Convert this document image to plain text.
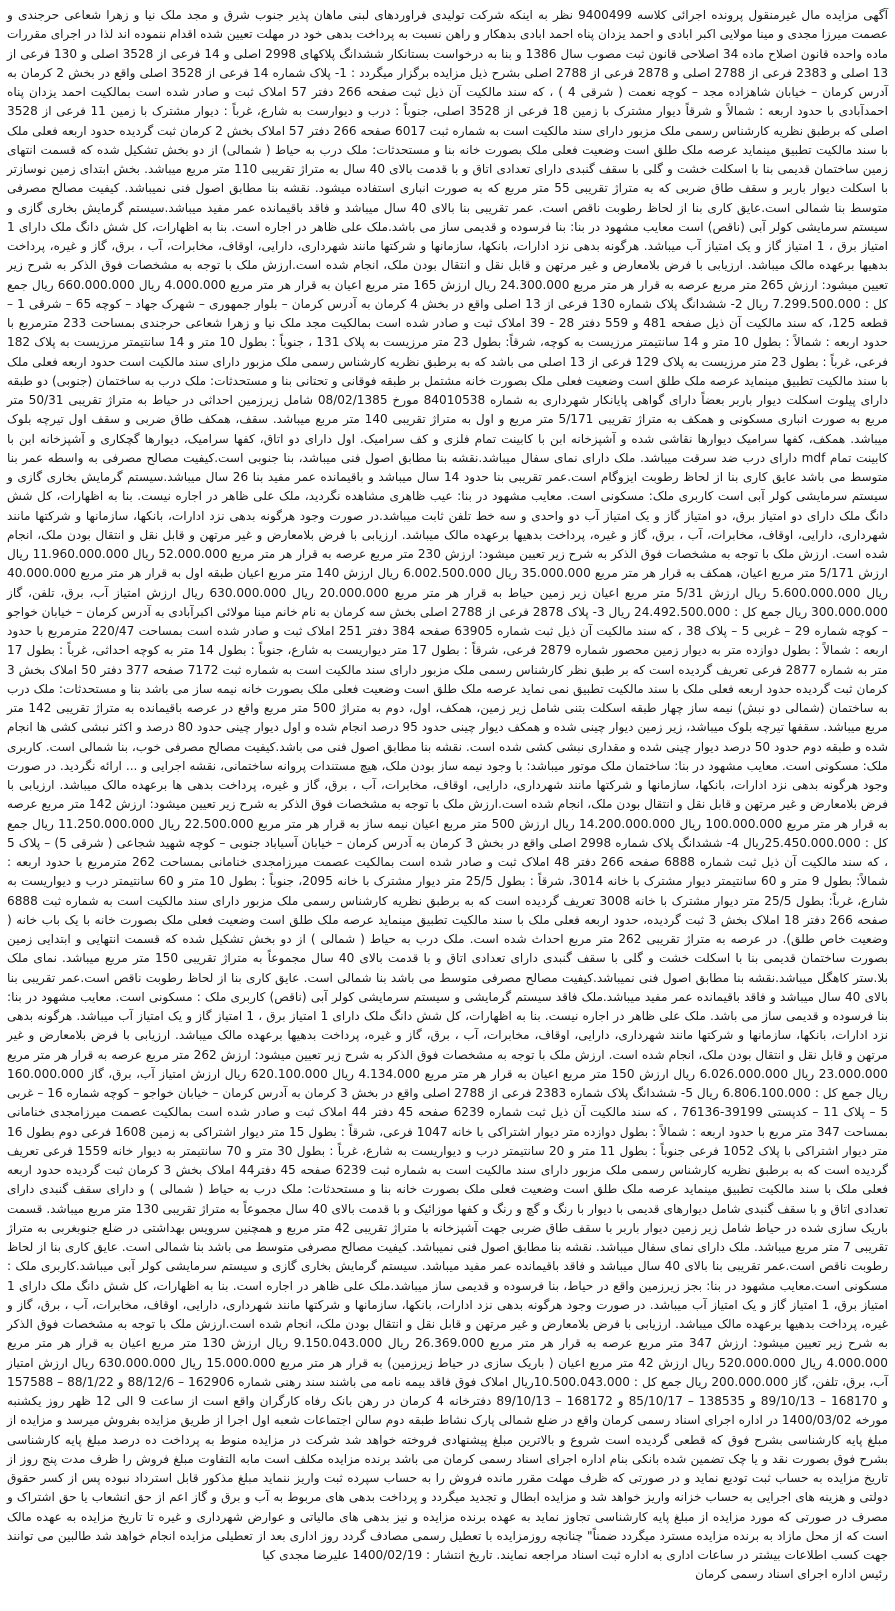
آگهی مزایده مال غیرمنقول پرونده اجرائی کلاسه 9400499 نظر به اینکه شرکت تولیدی فراوردهای لبنی ماهان پذیر جنوب شرق و مجد ملک نیا و زهرا شعاعی حرجندی و عصمت میرزا مجدی و مینا مولایی اکبر ابادی و احمد یزدان پناه احمد ابادی بدهکار و راهن نسبت به پرداخت بدهی خود در مهلت تعیین شده اقدام ننموده اند لذا در اجرای مقررات ماده واحده قانون اصلاح ماده 34 اصلاحی قانون ثبت مصوب سال 1386 و بنا به درخواست بستانکار ششدانگ پلاکهای 2998 اصلی و 14 فرعی از 3528 اصلی و 130 فرعی از 13 اصلی و 2383 فرعی از 2788 اصلی و 2878 فرعی از 2788 اصلی بشرح ذیل مزایده برگزار میگردد : 1- پلاک شماره 14 فرعی از 3528 اصلی واقع در بخش 2 کرمان به آدرس کرمان – خیابان شاهزاده مجد – کوچه نعمت ( شرقی 4 ) ، که سند مالکیت آن ذیل ثبت صفحه 266 دفتر 57 املاک ثبت و صادر شده است بمالکیت احمد یزدان پناه احمدآبادی با حدود اربعه : شمالاً و شرقاً دیوار مشترک با زمین 18 فرعی از 3528 اصلی، جنوباً : درب و دیوارست به شارع، غرباً : دیوار مشترک با زمین 11 فرعی از 3528 اصلی که برطبق نظریه کارشناس رسمی ملک مزبور دارای سند مالکیت است به شماره ثبت 6017 صفحه 266 دفتر 57 املاک بخش 2 کرمان ثبت گردیده حدود اربعه فعلی ملک با سند مالکیت تطبیق مینماید عرصه ملک طلق است وضعیت فعلی ملک بصورت خانه بنا و مستحدثات: ملک درب به حیاط ( شمالی) از دو بخش تشکیل شده که قسمت انتهای زمین ساختمان قدیمی بنا با اسکلت خشت و گلی با سقف گنبدی دارای تعدادی اتاق و با قدمت بالای 40 سال به متراژ تقریبی 110 متر مربع میباشد. بخش ابتدای زمین نوسازتر با اسکلت دیوار باربر و سقف طاق ضربی که به متراژ تقریبی 55 متر مربع که به صورت انباری استفاده میشود. نقشه بنا مطابق اصول فنی نمیباشد. کیفیت مصالح مصرفی متوسط بنا شمالی است.عایق کاری بنا از لحاظ رطوبت ناقص است. عمر تقریبی بنا بالای 40 سال میباشد و فاقد باقیمانده عمر مفید میباشد.سیستم گرمایش بخاری گازی و سیستم سرمایشی کولر آبی (ناقص) است معایب مشهود در بنا: بنا فرسوده و قدیمی ساز می باشد.ملک علی ظاهر در اجاره است. بنا به اظهارات، کل شش دانگ ملک دارای 1 امتیاز برق ، 1 امتیاز گاز و یک امتیاز آب میباشد. هرگونه بدهی نزد ادارات، بانکها، سازمانها و شرکتها مانند شهرداری، دارایی، اوقاف، مخابرات، آب ، برق، گاز و غیره، پرداخت بدهیها برعهده مالک میباشد. ارزیابی با فرض بلامعارض و غیر مرتهن و قابل نقل و انتقال بودن ملک، انجام شده است.ارزش ملک با توجه به مشخصات فوق الذکر به شرح زیر تعیین میشود: ارزش 265 متر مربع عرصه به قرار هر متر مربع 24.300.000 ریال ارزش 165 متر مربع اعیان به قرار هر متر مربع 4.000.000 ریال 660.000.000 ریال جمع کل : 7.299.500.000 ریال 2- ششدانگ پلاک شماره 130 فرعی از 13 اصلی واقع در بخش 4 کرمان به آدرس کرمان – بلوار جمهوری – شهرک جهاد – کوچه 65 – شرقی 1 – قطعه 125، که سند مالکیت آن ذیل صفحه 481 و 559 دفتر 28 - 39 املاک ثبت و صادر شده است بمالکیت مجد ملک نیا و زهرا شعاعی حرجندی بمساحت 233 مترمربع با حدود اربعه : شمالاً : بطول 10 متر و 14 سانتیمتر مرزیست به کوچه، شرقاً: بطول 23 متر مرزیست به پلاک 131 ، جنوباً : بطول 10 متر و 14 سانتیمتر مرزیست به پلاک 182 فرعی، غرباً : بطول 23 متر مرزیست به پلاک 129 فرعی از 13 اصلی می باشد که به برطبق نظریه کارشناس رسمی ملک مزبور دارای سند مالکیت است حدود اربعه فعلی ملک با سند مالکیت تطبیق مینماید عرصه ملک طلق است وضعیت فعلی ملک بصورت خانه مشتمل بر طبقه فوقانی و تحتانی بنا و مستحدثات: ملک درب به ساختمان (جنوبی) دو طبقه دارای پیلوت اسکلت دیوار باربر بعضاً دارای گواهی پایانکار شهرداری به شماره 84010538 مورخ 08/02/1385 شامل زیرزمین احداثی در حیاط به متراژ تقریبی 50/31 متر مربع به صورت انباری مسکونی و همکف به متراژ تقریبی 5/171 متر مربع و اول به متراژ تقریبی 140 متر مربع میباشد. سقف، همکف طاق ضربی و سقف اول تیرچه بلوک میباشد. همکف، کفها سرامیک دیوارها نقاشی شده و آشپزخانه ابن با کابینت تمام فلزی و کف سرامیک. اول دارای دو اتاق، کفها سرامیک، دیوارها گچکاری و آشپزخانه ابن با کابینت تمام mdf دارای درب ضد سرقت میباشد. ملک دارای نمای سفال میباشد.نقشه بنا مطابق اصول فنی میباشد، بنا جنوبی است.کیفیت مصالح مصرفی به واسطه عمر بنا متوسط می باشد عایق کاری بنا از لحاظ رطوبت ایزوگام است.عمر تقریبی بنا حدود 14 سال میباشد و باقیمانده عمر مفید بنا 26 سال میباشد.سیستم گرمایش بخاری گازی و سیستم سرمایشی کولر آبی است کاربری ملک: مسکونی است. معایب مشهود در بنا: عیب ظاهری مشاهده نگردید، ملک علی ظاهر در اجاره نیست. بنا به اظهارات، کل شش دانگ ملک دارای دو امتیاز برق، دو امتیاز گاز و یک امتیاز آب دو واحدی و سه خط تلفن ثابت میباشد.در صورت وجود هرگونه بدهی نزد ادارات، بانکها، سازمانها و شرکتها مانند شهرداری، دارایی، اوقاف، مخابرات، آب ، برق، گاز و غیره، پرداخت بدهیها برعهده مالک میباشد. ارزیابی با فرض بلامعارض و غیر مرتهن و قابل نقل و انتقال بودن ملک، انجام شده است. ارزش ملک با توجه به مشخصات فوق الذکر به شرح زیر تعیین میشود: ارزش 230 متر مربع عرصه به قرار هر متر مربع 52.000.000 ریال 11.960.000.000 ریال ارزش 5/171 متر مربع اعیان، همکف به قرار هر متر مربع 35.000.000 ریال 6.002.500.000 ریال ارزش 140 متر مربع اعیان طبقه اول به قرار هر متر مربع 40.000.000 ریال 5.600.000.000 ریال ارزش 5/31 متر مربع اعیان زیر زمین حیاط به قرار هر متر مربع 20.000.000 ریال 630.000.000 ریال ارزش امتیاز آب، برق، تلفن، گاز 300.000.000 ریال جمع کل : 24.492.500.000 ریال 3- پلاک 2878 فرعی از 2788 اصلی بخش سه کرمان به نام خانم مینا مولائی اکبرآبادی به آدرس کرمان – خیابان خواجو – کوچه شماره 29 – غربی 5 – پلاک 38 ، که سند مالکیت آن ذیل ثبت شماره 63905 صفحه 384 دفتر 251 املاک ثبت و صادر شده است بمساحت 220/47 مترمربع با حدود اربعه : شمالاً : بطول دوازده متر به دیوار زمین محصور شماره 2879 فرعی، شرقاً : بطول 17 متر دیواریست به شارع، جنوباً : بطول 14 متر به کوچه احداثی، غرباً : بطول 17 متر به شماره 2877 فرعی تعریف گردیده است که بر طبق نظر کارشناس رسمی ملک مزبور دارای سند مالکیت است به شماره ثبت 7172 صفحه 377 دفتر 50 املاک بخش 3 کرمان ثبت گردیده حدود اربعه فعلی ملک با سند مالکیت تطبیق نمی نماید عرصه ملک طلق است وضعیت فعلی ملک بصورت خانه نیمه ساز می باشد بنا و مستحدثات: ملک درب به ساختمان (شمالی دو نبش) نیمه ساز چهار طبقه اسکلت بتنی شامل زیر زمین، همکف، اول، دوم به متراژ 500 متر مربع واقع در عرصه باقیمانده به متراژ تقریبی 142 متر مربع میباشد. سقفها تیرچه بلوک میباشد، زیر زمین دیوار چینی شده و همکف دیوار چینی حدود 95 درصد انجام شده و اول دیوار چینی حدود 80 درصد و اکثر نبشی کشی ها انجام شده و طبقه دوم حدود 50 درصد دیوار چینی شده و مقداری نبشی کشی شده است. نقشه بنا مطابق اصول فنی می باشد.کیفیت مصالح مصرفی خوب، بنا شمالی است. کاربری ملک: مسکونی است. معایب مشهود در بنا: ساختمان ملک موتور میباشد: با وجود نیمه ساز بودن ملک، هیچ مستندات پروانه ساختمانی، نقشه اجرایی و ... ارائه نگردید. در صورت وجود هرگونه بدهی نزد ادارات، بانکها، سازمانها و شرکتها مانند شهرداری، دارایی، اوقاف، مخابرات، آب ، برق، گاز و غیره، پرداخت بدهی ها برعهده مالک میباشد. ارزیابی با فرض بلامعارض و غیر مرتهن و قابل نقل و انتقال بودن ملک، انجام شده است.ارزش ملک با توجه به مشخصات فوق الذکر به شرح زیر تعیین میشود: ارزش 142 متر مربع عرصه به قرار هر متر مربع 100.000.000 ریال 14.200.000.000 ریال ارزش 500 متر مربع اعیان نیمه ساز به قرار هر متر مربع 22.500.000 ریال 11.250.000.000 ریال جمع کل : 25.450.000.000ریال 4- ششدانگ پلاک شماره 2998 اصلی واقع در بخش 3 کرمان به آدرس کرمان – خیابان آسیاباد جنوبی – کوچه شهید شجاعی ( شرقی 5) – پلاک 5 ، که سند مالکیت آن ذیل ثبت شماره 6888 صفحه 266 دفتر 48 املاک ثبت و صادر شده است بمالکیت عصمت میرزامجدی خنامانی بمساحت 262 مترمربع با حدود اربعه : شمالاً: بطول 9 متر و 60 سانتیمتر دیوار مشترک با خانه 3014، شرقاً : بطول 25/5 متر دیوار مشترک با خانه 2095، جنوباً : بطول 10 متر و 60 سانتیمتر درب و دیواریست به شارع، غرباً: بطول 25/5 متر دیوار مشترک با خانه 3008 تعریف گردیده است که به برطبق نظریه کارشناس رسمی ملک مزبور دارای سند مالکیت است به شماره ثبت 6888 صفحه 266 دفتر 18 املاک بخش 3 ثبت گردیده، حدود اربعه فعلی ملک با سند مالکیت تطبیق مینماید عرصه ملک طلق است وضعیت فعلی ملک بصورت خانه با یک باب خانه ( وضعیت خاص طلق). در عرصه به متراژ تقریبی 262 متر مربع احداث شده است. ملک درب به حیاط ( شمالی ) از دو بخش تشکیل شده که قسمت انتهایی و ابتدایی زمین بصورت ساختمان قدیمی بنا با اسکلت خشت و گلی با سقف گنبدی دارای تعدادی اتاق و با قدمت بالای 40 سال مجموعاً به متراژ تقریبی 150 متر مربع میباشد. نمای ملک بلا.ستر کاهگل میباشد.نقشه بنا مطابق اصول فنی نمیباشد.کیفیت مصالح مصرفی متوسط می باشد بنا شمالی است. عایق کاری بنا از لحاظ رطوبت ناقص است.عمر تقریبی بنا بالای 40 سال میباشد و فاقد باقیمانده عمر مفید میباشد.ملک فاقد سیستم گرمایشی و سیستم سرمایشی کولر آبی (ناقص) کاربری ملک : مسکونی است. معایب مشهود در بنا: بنا فرسوده و قدیمی ساز می باشد. ملک علی ظاهر در اجاره نیست. بنا به اظهارات، کل شش دانگ ملک دارای 1 امتیاز برق ، 1 امتیاز گاز و یک امتیاز آب میباشد. هرگونه بدهی نزد ادارات، بانکها، سازمانها و شرکتها مانند شهرداری، دارایی، اوقاف، مخابرات، آب ، برق، گاز و غیره، پرداخت بدهیها برعهده مالک میباشد. ارزیابی با فرض بلامعارض و غیر مرتهن و قابل نقل و انتقال بودن ملک، انجام شده است. ارزش ملک با توجه به مشخصات فوق الذکر به شرح زیر تعیین میشود: ارزش 262 متر مربع عرصه به قرار هر متر مربع 23.000.000 ریال 6.026.000.000 ریال ارزش 150 متر مربع اعیان به قرار هر متر مربع 4.134.000 ریال 620.100.000 ریال ارزش امتیاز آب، برق، گاز 160.000.000 ریال جمع کل : 6.806.100.000 ریال 5- ششدانگ پلاک شماره 2383 فرعی از 2788 اصلی واقع در بخش 3 کرمان به آدرس کرمان – خیابان خواجو – کوچه شماره 16 – غربی 5 – پلاک 11 – کدپستی 39199-76136 ، که سند مالکیت آن ذیل ثبت شماره 6239 صفحه 45 دفتر 44 املاک ثبت و صادر شده است بمالکیت عصمت میرزامجدی خنامانی بمساحت 347 متر مربع با حدود اربعه : شمالاً : بطول دوازده متر دیوار اشتراکی با خانه 1047 فرعی، شرقاً : بطول 15 متر دیوار اشتراکی به زمین 1608 فرعی دوم بطول 16 متر دیوار اشتراکی با پلاک 1052 فرعی جنوباً : بطول 11 متر و 20 سانتیمتر درب و دیواریست به شارع، غرباً : بطول 30 متر و 70 سانتیمتر به دیوار خانه 1559 فرعی تعریف گردیده است که به برطبق نظریه کارشناس رسمی ملک مزبور دارای سند مالکیت است به شماره ثبت 6239 صفحه 45 دفتر44 املاک بخش 3 کرمان ثبت گردیده حدود اربعه فعلی ملک با سند مالکیت تطبیق مینماید عرصه ملک طلق است وضعیت فعلی ملک بصورت خانه بنا و مستحدثات: ملک درب به حیاط ( شمالی ) و دارای سقف گنبدی دارای تعدادی اتاق و با سقف گنبدی شامل دیوارهای قدیمی با دیوار با رنگ و گچ و رنگ و کفها موزائیک و با قدمت بالای 40 سال مجموعاً به متراژ تقریبی 130 متر مربع میباشد. قسمت باریک سازی شده در حیاط شامل زیر زمین دیوار باربر با سقف طاق ضربی جهت آشپزخانه با متراژ تقریبی 42 متر مربع و همچنین سرویس بهداشتی در ضلع جنوبغربی به متراژ تقریبی 7 متر مربع میباشد. ملک دارای نمای سفال میباشد. نقشه بنا مطابق اصول فنی نمیباشد. کیفیت مصالح مصرفی متوسط می باشد بنا شمالی است. عایق کاری بنا از لحاظ رطوبت ناقص است.عمر تقریبی بنا بالای 40 سال میباشد و فاقد باقیمانده عمر مفید میباشد. سیستم گرمایش بخاری گازی و سیستم سرمایشی کولر آبی میباشد.کاربری ملک : مسکونی است.معایب مشهود در بنا: بجز زیرزمین واقع در حیاط، بنا فرسوده و قدیمی ساز میباشد.ملک علی ظاهر در اجاره است. بنا به اظهارات، کل شش دانگ ملک دارای 1 امتیاز برق، 1 امتیاز گاز و یک امتیاز آب میباشد. در صورت وجود هرگونه بدهی نزد ادارات، بانکها، سازمانها و شرکتها مانند شهرداری، دارایی، اوقاف، مخابرات، آب ، برق، گاز و غیره، پرداخت بدهیها برعهده مالک میباشد. ارزیابی با فرض بلامعارض و غیر مرتهن و قابل نقل و انتقال بودن ملک، انجام شده است.ارزش ملک با توجه به مشخصات فوق الذکر به شرح زیر تعیین میشود: ارزش 347 متر مربع عرصه به قرار هر متر مربع 26.369.000 ریال 9.150.043.000 ریال ارزش 130 متر مربع اعیان به قرار هر متر مربع 4.000.000 ریال 520.000.000 ریال ارزش 42 متر مربع اعیان ( باریک سازی در حیاط زیرزمین) به قرار هر متر مربع 15.000.000 ریال 630.000.000 ریال ارزش امتیاز آب، برق، تلفن، گاز 200.000.000 ریال جمع کل : 10.500.043.000ریال املاک فوق فاقد بیمه نامه می باشند سند رهنی شماره 162906 – 88/12/6 و 88/1/22 – 157588 و 168170 – 89/10/13 و 138535 – 85/10/17 و 168172 – 89/10/13 دفترخانه 4 کرمان در رهن بانک رفاه کارگران واقع است از ساعت 9 الی 12 ظهر روز یکشنبه مورخه 1400/03/02 در اداره اجرای اسناد رسمی کرمان واقع در ضلع شمالی پارک نشاط طبقه دوم سالن اجتماعات شعبه اول اجرا از طریق مزایده بفروش میرسد و مزایده از مبلغ پایه کارشناسی بشرح فوق که قطعی گردیده است شروع و بالاترین مبلغ پیشنهادی فروخته خواهد شد شرکت در مزایده منوط به پرداخت ده درصد مبلغ پایه کارشناسی بشرح فوق بصورت نقد و یا چک تضمین شده بانکی بنام اداره اجرای اسناد رسمی کرمان می باشد برنده مزایده مکلف است مابه التفاوت مبلغ فروش را ظرف مدت پنج روز از تاریخ مزایده به حساب ثبت تودیع نماید و در صورتی که ظرف مهلت مقرر مانده فروش را به حساب سپرده ثبت واریز ننماید مبلغ مذکور قابل استرداد نبوده پس از کسر حقوق دولتی و هزینه های اجرایی به حساب خزانه واریز خواهد شد و مزایده ابطال و تجدید میگردد و پرداخت بدهی های مربوط به آب و برق و گاز اعم از حق انشعاب یا حق اشتراک و مصرف در صورتی که مورد مزایده از مبلغ پایه کارشناسی تجاوز نماید به عهده برنده مزایده و نیز بدهی های مالیاتی و عوارض شهرداری و غیره تا تاریخ مزایده به عهده مالک است که از محل مازاد به برنده مزایده مسترد میگردد ضمناً" چنانچه روزمزایده با تعطیل رسمی مصادف گردد روز اداری بعد از تعطیلی مزایده انجام خواهد شد طالبین می توانند جهت کسب اطلاعات بیشتر در ساعات اداری به اداره ثبت اسناد مراجعه نمایند. تاریخ انتشار : 1400/02/19 علیرضا مجدی کیا

رئیس اداره اجرای اسناد رسمی کرمان
